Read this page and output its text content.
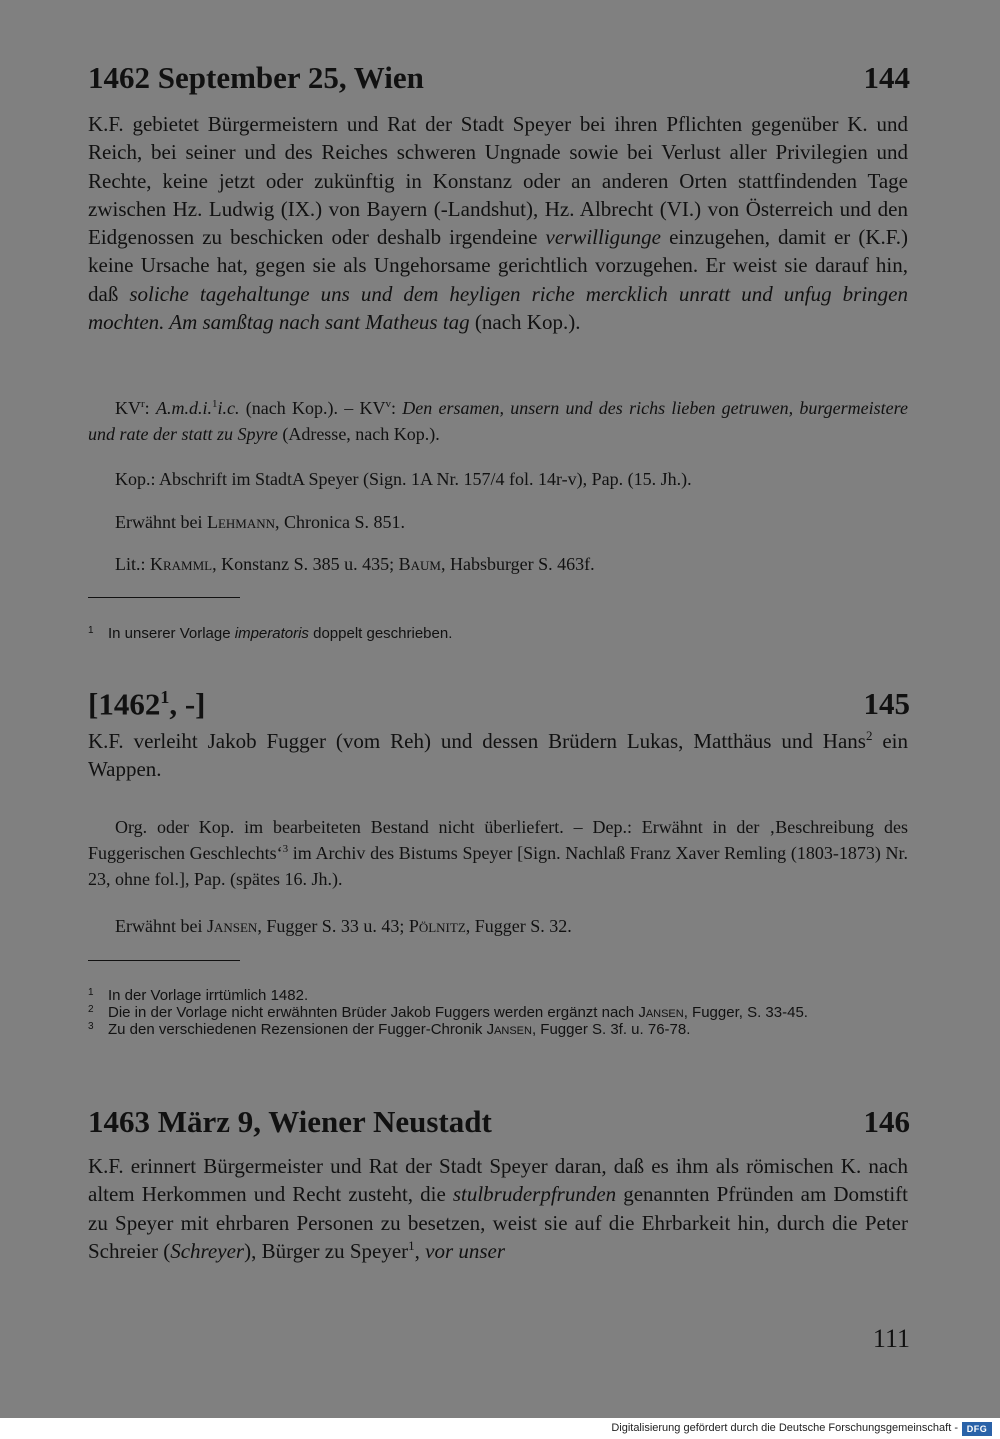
1462 September 25, Wien	144
K.F. gebietet Bürgermeistern und Rat der Stadt Speyer bei ihren Pflichten gegenüber K. und Reich, bei seiner und des Reiches schweren Ungnade sowie bei Verlust aller Privilegien und Rechte, keine jetzt oder zukünftig in Konstanz oder an anderen Orten stattfindenden Tage zwischen Hz. Ludwig (IX.) von Bayern (-Landshut), Hz. Albrecht (VI.) von Österreich und den Eidgenossen zu beschicken oder deshalb irgendeine verwilligunge einzugehen, damit er (K.F.) keine Ursache hat, gegen sie als Ungehorsame gerichtlich vorzugehen. Er weist sie darauf hin, daß soliche tagehaltunge uns und dem heyligen riche mercklich unratt und unfug bringen mochten. Am samßtag nach sant Matheus tag (nach Kop.).
$KV^r$: A.m.d.i.$^1$i.c. (nach Kop.). – $KV^v$: Den ersamen, unsern und des richs lieben getruwen, burgermeistere und rate der statt zu Spyre (Adresse, nach Kop.).
Kop.: Abschrift im StadtA Speyer (Sign. 1A Nr. 157/4 fol. 14r-v), Pap. (15. Jh.).
Erwähnt bei Lehmann, Chronica S. 851.
Lit.: Kramml, Konstanz S. 385 u. 435; Baum, Habsburger S. 463f.
1 In unserer Vorlage imperatoris doppelt geschrieben.
[1462$^1$, -]	145
K.F. verleiht Jakob Fugger (vom Reh) und dessen Brüdern Lukas, Matthäus und Hans$^2$ ein Wappen.
Org. oder Kop. im bearbeiteten Bestand nicht überliefert. – Dep.: Erwähnt in der ‚Beschreibung des Fuggerischen Geschlechts‘$^3$ im Archiv des Bistums Speyer [Sign. Nachlaß Franz Xaver Remling (1803-1873) Nr. 23, ohne fol.], Pap. (spätes 16. Jh.).
Erwähnt bei Jansen, Fugger S. 33 u. 43; Pölnitz, Fugger S. 32.
1 In der Vorlage irrtümlich 1482.
2 Die in der Vorlage nicht erwähnten Brüder Jakob Fuggers werden ergänzt nach Jansen, Fugger, S. 33-45.
3 Zu den verschiedenen Rezensionen der Fugger-Chronik Jansen, Fugger S. 3f. u. 76-78.
1463 März 9, Wiener Neustadt	146
K.F. erinnert Bürgermeister und Rat der Stadt Speyer daran, daß es ihm als römischen K. nach altem Herkommen und Recht zusteht, die stulbruderpfrunden genannten Pfründen am Domstift zu Speyer mit ehrbaren Personen zu besetzen, weist sie auf die Ehrbarkeit hin, durch die Peter Schreier (Schreyer), Bürger zu Speyer$^1$, vor unser
111
Digitalisierung gefördert durch die Deutsche Forschungsgemeinschaft - DFG
